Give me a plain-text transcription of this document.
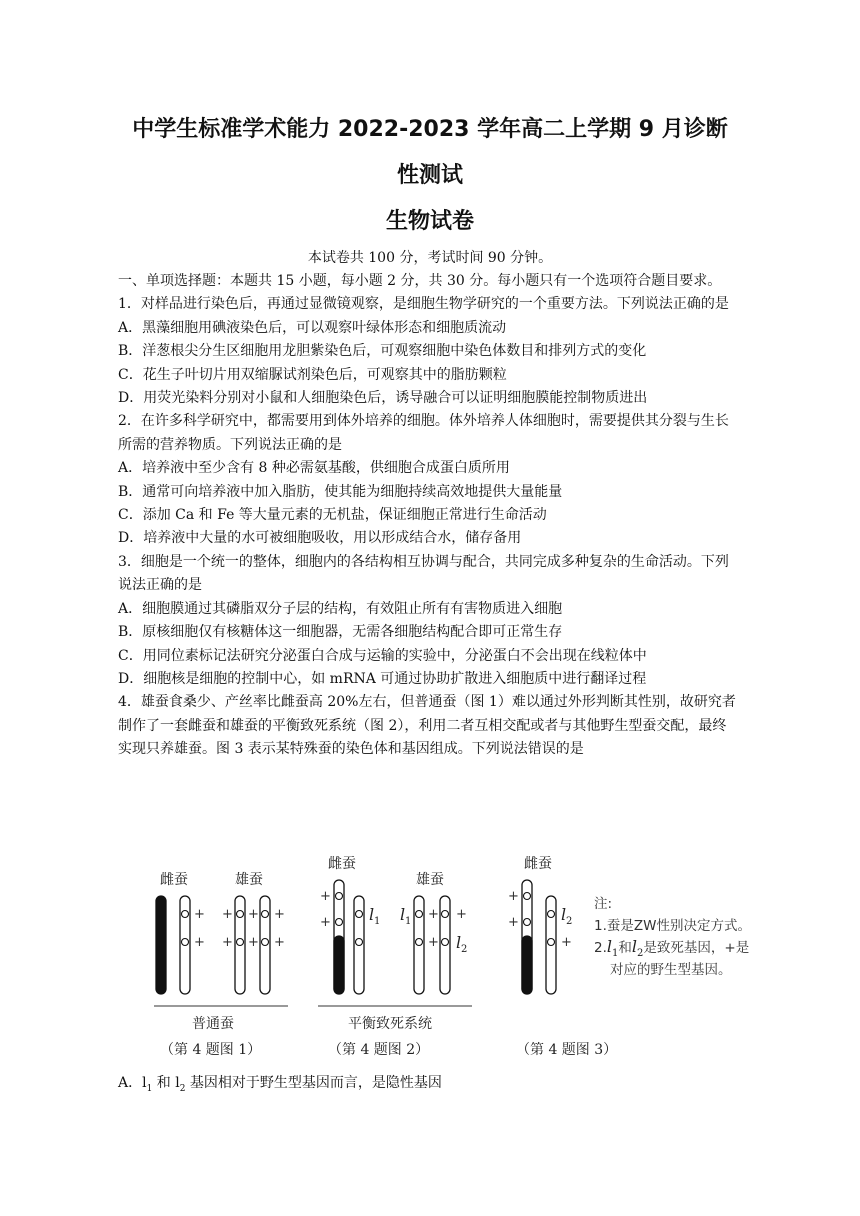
中学生标准学术能力 2022-2023 学年高二上学期 9 月诊断
性测试
生物试卷
本试卷共 100 分，考试时间 90 分钟。

一、单项选择题：本题共 15 小题，每小题 2 分，共 30 分。每小题只有一个选项符合题目要求。

1．对样品进行染色后，再通过显微镜观察，是细胞生物学研究的一个重要方法。下列说法正确的是

A．黑藻细胞用碘液染色后，可以观察叶绿体形态和细胞质流动

B．洋葱根尖分生区细胞用龙胆紫染色后，可观察细胞中染色体数目和排列方式的变化

C．花生子叶切片用双缩脲试剂染色后，可观察其中的脂肪颗粒

D．用荧光染料分别对小鼠和人细胞染色后，诱导融合可以证明细胞膜能控制物质进出

2．在许多科学研究中，都需要用到体外培养的细胞。体外培养人体细胞时，需要提供其分裂与生长所需的营养物质。下列说法正确的是

A．培养液中至少含有 8 种必需氨基酸，供细胞合成蛋白质所用

B．通常可向培养液中加入脂肪，使其能为细胞持续高效地提供大量能量

C．添加 Ca 和 Fe 等大量元素的无机盐，保证细胞正常进行生命活动

D．培养液中大量的水可被细胞吸收，用以形成结合水，储存备用

3．细胞是一个统一的整体，细胞内的各结构相互协调与配合，共同完成多种复杂的生命活动。下列说法正确的是

A．细胞膜通过其磷脂双分子层的结构，有效阻止所有有害物质进入细胞

B．原核细胞仅有核糖体这一细胞器，无需各细胞结构配合即可正常生存

C．用同位素标记法研究分泌蛋白合成与运输的实验中，分泌蛋白不会出现在线粒体中

D．细胞核是细胞的控制中心，如 mRNA 可通过协助扩散进入细胞质中进行翻译过程

4．雄蚕食桑少、产丝率比雌蚕高 20%左右，但普通蚕（图 1）难以通过外形判断其性别，故研究者制作了一套雌蚕和雄蚕的平衡致死系统（图 2），利用二者互相交配或者与其他野生型蚕交配，最终实现只养雄蚕。图 3 表示某特殊蚕的染色体和基因组成。下列说法错误的是

雌蚕	雄蚕
+
+
+
+
+
+
+
+
普通蚕
（第 4 题图 1）
雌蚕
雄蚕
+
+ l 1 l 1
+
+ +
l 2
平衡致死系统
（第 4 题图 2）
雌蚕
+
+	l 2
+
（第 4 题图 3）
注:
1.蚕是ZW性别决定方式。
$2.l_1$和$l_2$是致死基因，+是
对应的野生型基因。
A．$l_1$ 和 $l_2$ 基因相对于野生型基因而言，是隐性基因
